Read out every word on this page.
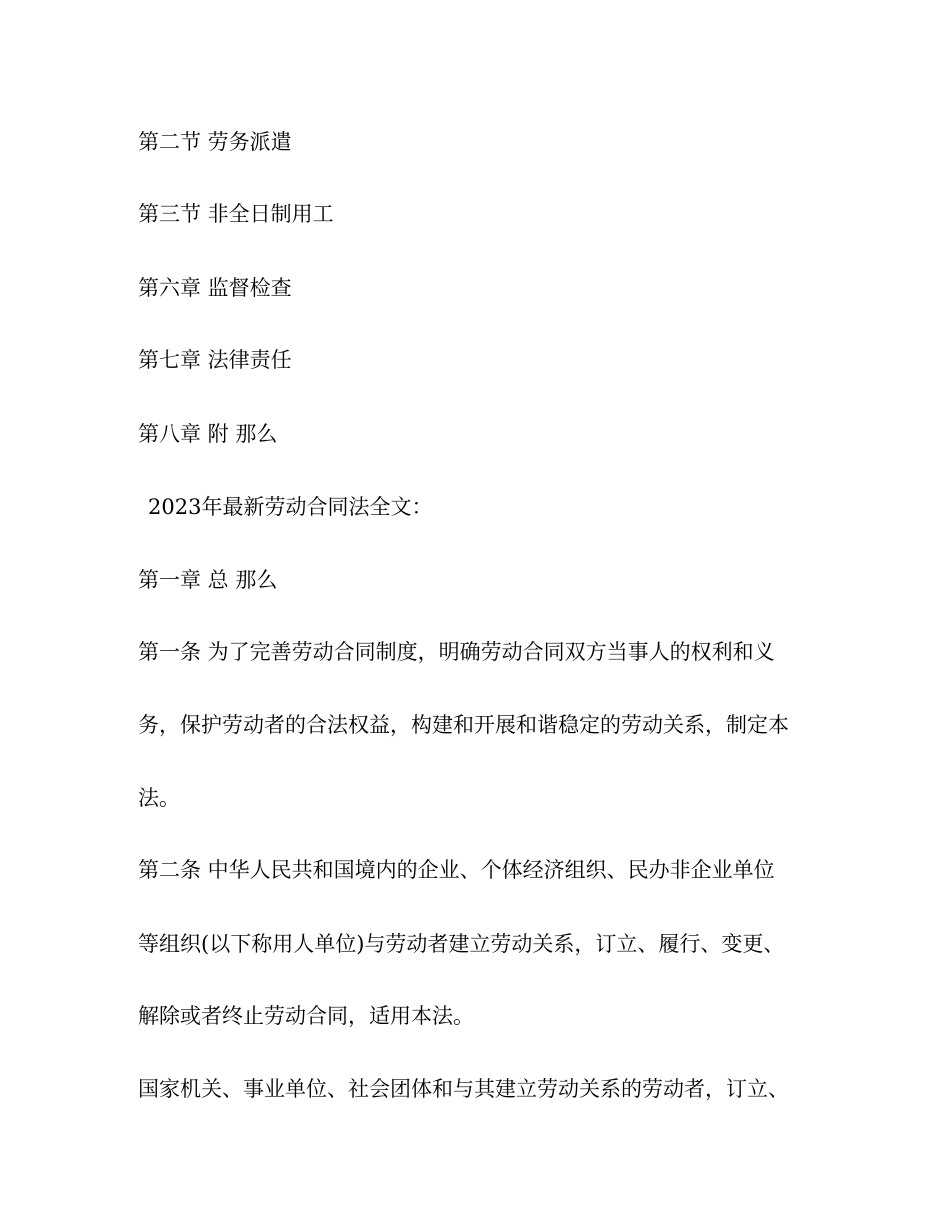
第二节 劳务派遣
第三节 非全日制用工
第六章 监督检查
第七章 法律责任
第八章 附 那么
2023年最新劳动合同法全文：
第一章 总 那么
第一条 为了完善劳动合同制度，明确劳动合同双方当事人的权利和义
务，保护劳动者的合法权益，构建和开展和谐稳定的劳动关系，制定本
法。
第二条 中华人民共和国境内的企业、个体经济组织、民办非企业单位
等组织(以下称用人单位)与劳动者建立劳动关系，订立、履行、变更、
解除或者终止劳动合同，适用本法。
国家机关、事业单位、社会团体和与其建立劳动关系的劳动者，订立、
